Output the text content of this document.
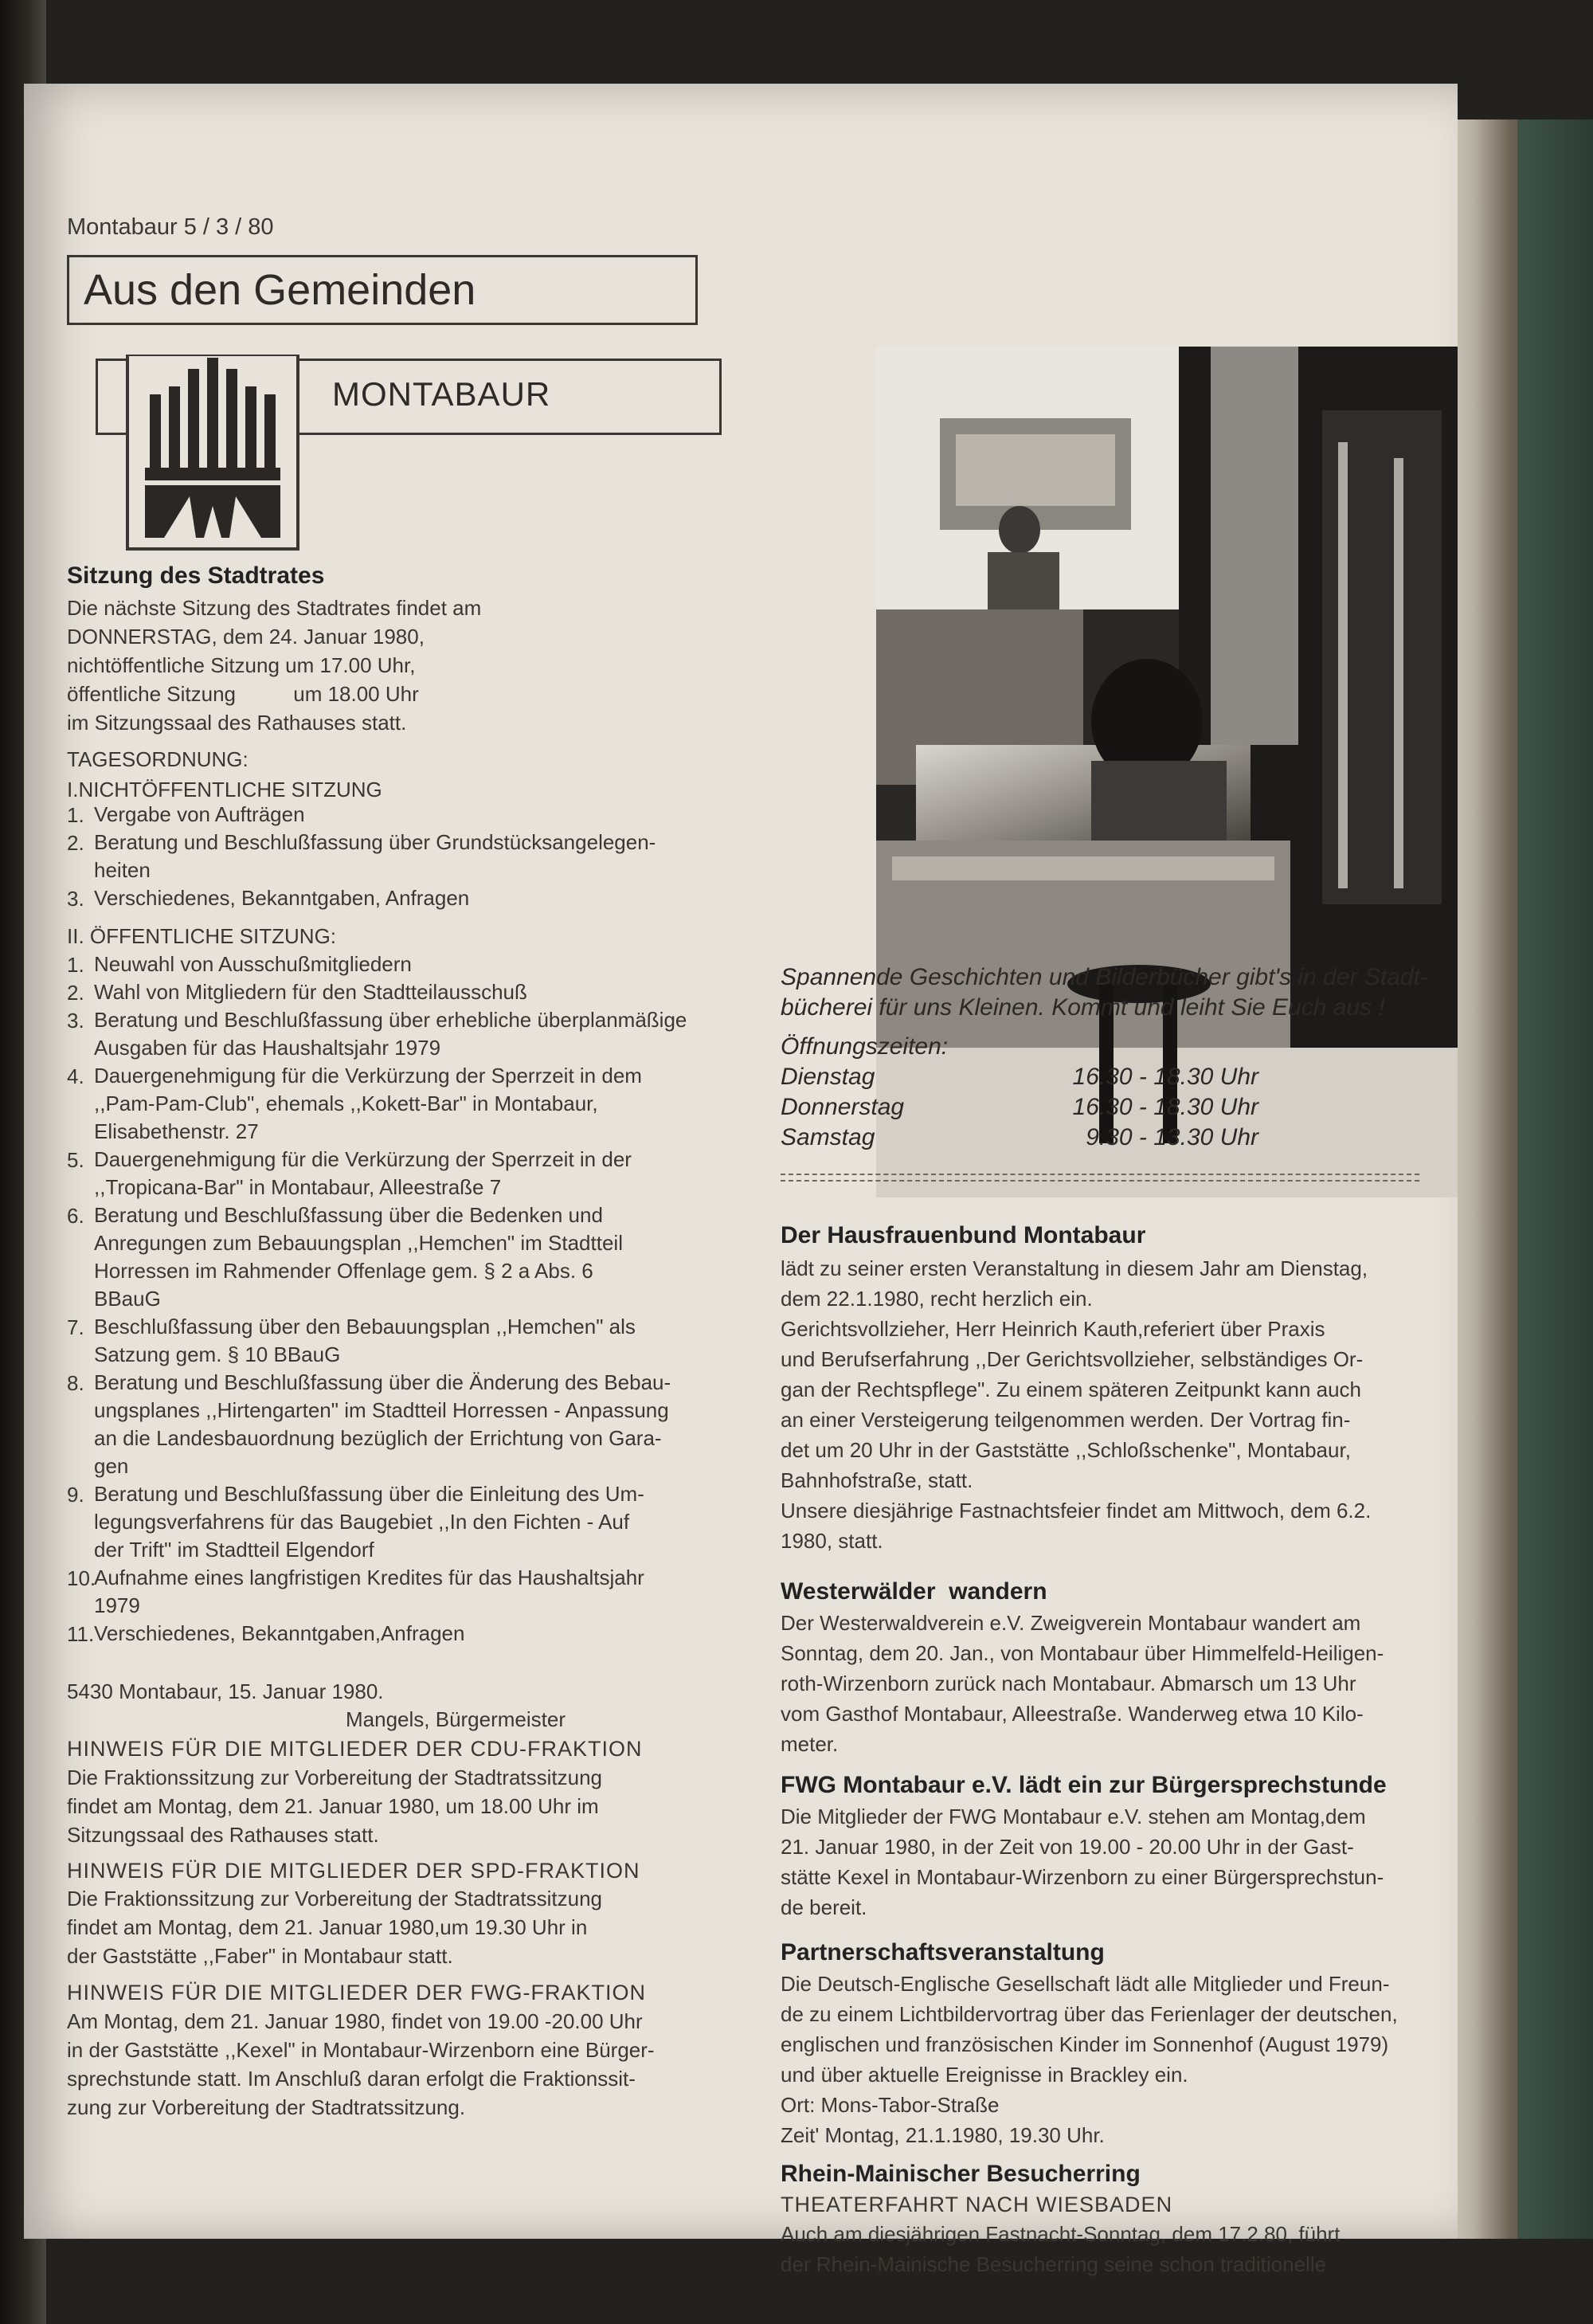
Montabaur 5 / 3 / 80
Aus den Gemeinden
MONTABAUR
Sitzung des Stadtrates
Die nächste Sitzung des Stadtrates findet am
DONNERSTAG, dem 24. Januar 1980,
nichtöffentliche Sitzung um 17.00 Uhr,
öffentliche Sitzung          um 18.00 Uhr
im Sitzungssaal des Rathauses statt.
TAGESORDNUNG:
I.NICHTÖFFENTLICHE SITZUNG
1. Vergabe von Aufträgen
2. Beratung und Beschlußfassung über Grundstücksangelegen-
heiten
3. Verschiedenes, Bekanntgaben, Anfragen
II. ÖFFENTLICHE SITZUNG:
1. Neuwahl von Ausschußmitgliedern
2. Wahl von Mitgliedern für den Stadtteilausschuß
3. Beratung und Beschlußfassung über erhebliche überplanmäßige
Ausgaben für das Haushaltsjahr 1979
4. Dauergenehmigung für die Verkürzung der Sperrzeit in dem
,,Pam-Pam-Club", ehemals ,,Kokett-Bar" in Montabaur,
Elisabethenstr. 27
5. Dauergenehmigung für die Verkürzung der Sperrzeit in der
,,Tropicana-Bar" in Montabaur, Alleestraße 7
6. Beratung und Beschlußfassung über die Bedenken und
Anregungen zum Bebauungsplan ,,Hemchen" im Stadtteil
Horressen im Rahmender Offenlage gem. § 2 a Abs. 6
BBauG
7. Beschlußfassung über den Bebauungsplan ,,Hemchen" als
Satzung gem. § 10 BBauG
8. Beratung und Beschlußfassung über die Änderung des Bebau-
ungsplanes ,,Hirtengarten" im Stadtteil Horressen - Anpassung
an die Landesbauordnung bezüglich der Errichtung von Gara-
gen
9. Beratung und Beschlußfassung über die Einleitung des Um-
legungsverfahrens für das Baugebiet ,,In den Fichten - Auf
der Trift" im Stadtteil Elgendorf
10.
Aufnahme eines langfristigen Kredites für das Haushaltsjahr
1979
11. Verschiedenes, Bekanntgaben,Anfragen
5430 Montabaur, 15. Januar 1980.
Mangels, Bürgermeister
HINWEIS FÜR DIE MITGLIEDER DER CDU-FRAKTION
Die Fraktionssitzung zur Vorbereitung der Stadtratssitzung
findet am Montag, dem 21. Januar 1980, um 18.00 Uhr im
Sitzungssaal des Rathauses statt.
HINWEIS FÜR DIE MITGLIEDER DER SPD-FRAKTION
Die Fraktionssitzung zur Vorbereitung der Stadtratssitzung
findet am Montag, dem 21. Januar 1980,um 19.30 Uhr in
der Gaststätte ,,Faber" in Montabaur statt.
HINWEIS FÜR DIE MITGLIEDER DER FWG-FRAKTION
Am Montag, dem 21. Januar 1980, findet von 19.00 -20.00 Uhr
in der Gaststätte ,,Kexel" in Montabaur-Wirzenborn eine Bürger-
sprechstunde statt. Im Anschluß daran erfolgt die Fraktionssit-
zung zur Vorbereitung der Stadtratssitzung.
Spannende Geschichten und Bilderbücher gibt's in der Stadt-
bücherei für uns Kleinen. Kommt und leiht Sie Euch aus !
Öffnungszeiten:
Dienstag	16.30 - 18.30 Uhr
Donnerstag	16.30 - 18.30 Uhr
Samstag	9.30 - 13.30 Uhr
Der Hausfrauenbund Montabaur
lädt zu seiner ersten Veranstaltung in diesem Jahr am Dienstag,
dem 22.1.1980, recht herzlich ein.
Gerichtsvollzieher, Herr Heinrich Kauth,referiert über Praxis
und Berufserfahrung ,,Der Gerichtsvollzieher, selbständiges Or-
gan der Rechtspflege". Zu einem späteren Zeitpunkt kann auch
an einer Versteigerung teilgenommen werden. Der Vortrag fin-
det um 20 Uhr in der Gaststätte ,,Schloßschenke", Montabaur,
Bahnhofstraße, statt.
Unsere diesjährige Fastnachtsfeier findet am Mittwoch, dem 6.2.
1980, statt.
Westerwälder  wandern
Der Westerwaldverein e.V. Zweigverein Montabaur wandert am
Sonntag, dem 20. Jan., von Montabaur über Himmelfeld-Heiligen-
roth-Wirzenborn zurück nach Montabaur. Abmarsch um 13 Uhr
vom Gasthof Montabaur, Alleestraße. Wanderweg etwa 10 Kilo-
meter.
FWG Montabaur e.V. lädt ein zur Bürgersprechstunde
Die Mitglieder der FWG Montabaur e.V. stehen am Montag,dem
21. Januar 1980, in der Zeit von 19.00 - 20.00 Uhr in der Gast-
stätte Kexel in Montabaur-Wirzenborn zu einer Bürgersprechstun-
de bereit.
Partnerschaftsveranstaltung
Die Deutsch-Englische Gesellschaft lädt alle Mitglieder und Freun-
de zu einem Lichtbildervortrag über das Ferienlager der deutschen,
englischen und französischen Kinder im Sonnenhof (August 1979)
und über aktuelle Ereignisse in Brackley ein.
Ort: Mons-Tabor-Straße
Zeit' Montag, 21.1.1980, 19.30 Uhr.
Rhein-Mainischer Besucherring
THEATERFAHRT NACH WIESBADEN
Auch am diesjährigen Fastnacht-Sonntag, dem 17.2.80, führt
der Rhein-Mainische Besucherring seine schon traditionelle
